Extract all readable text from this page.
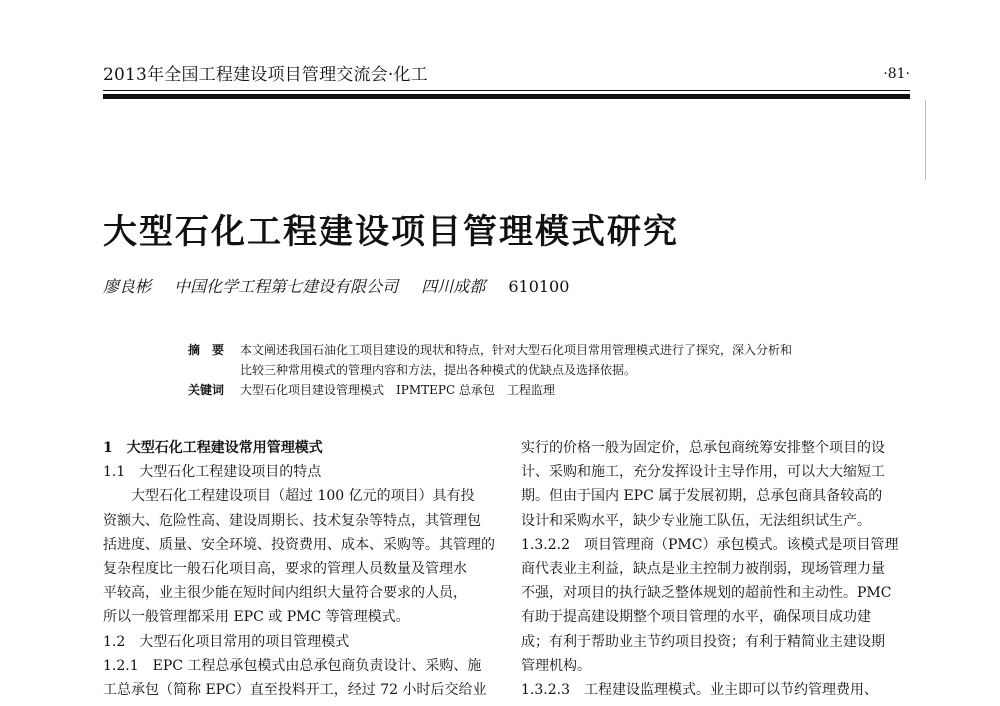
2013年全国工程建设项目管理交流会·化工	·81·
大型石化工程建设项目管理模式研究
廖良彬 中国化学工程第七建设有限公司 四川成都 610100
摘　要	本文阐述我国石油化工项目建设的现状和特点，针对大型石化项目常用管理模式进行了探究，深入分析和
比较三种常用模式的管理内容和方法，提出各种模式的优缺点及选择依据。
关键词	大型石化项目建设管理模式　IPMTEPC 总承包　工程监理

1　大型石化工程建设常用管理模式

1.1　大型石化工程建设项目的特点

　　大型石化工程建设项目（超过 100 亿元的项目）具有投

资额大、危险性高、建设周期长、技术复杂等特点，其管理包

括进度、质量、安全环境、投资费用、成本、采购等。其管理的

复杂程度比一般石化项目高，要求的管理人员数量及管理水

平较高，业主很少能在短时间内组织大量符合要求的人员，

所以一般管理都采用 EPC 或 PMC 等管理模式。

1.2　大型石化项目常用的项目管理模式

1.2.1　EPC 工程总承包模式由总承包商负责设计、采购、施

工总承包（简称 EPC）直至投料开工，经过 72 小时后交给业

实行的价格一般为固定价，总承包商统筹安排整个项目的设

计、采购和施工，充分发挥设计主导作用，可以大大缩短工

期。但由于国内 EPC 属于发展初期，总承包商具备较高的

设计和采购水平，缺少专业施工队伍，无法组织试生产。

1.3.2.2　项目管理商（PMC）承包模式。该模式是项目管理

商代表业主利益，缺点是业主控制力被削弱，现场管理力量

不强，对项目的执行缺乏整体规划的超前性和主动性。PMC

有助于提高建设期整个项目管理的水平，确保项目成功建

成；有利于帮助业主节约项目投资；有利于精简业主建设期

管理机构。

1.3.2.3　工程建设监理模式。业主即可以节约管理费用、
